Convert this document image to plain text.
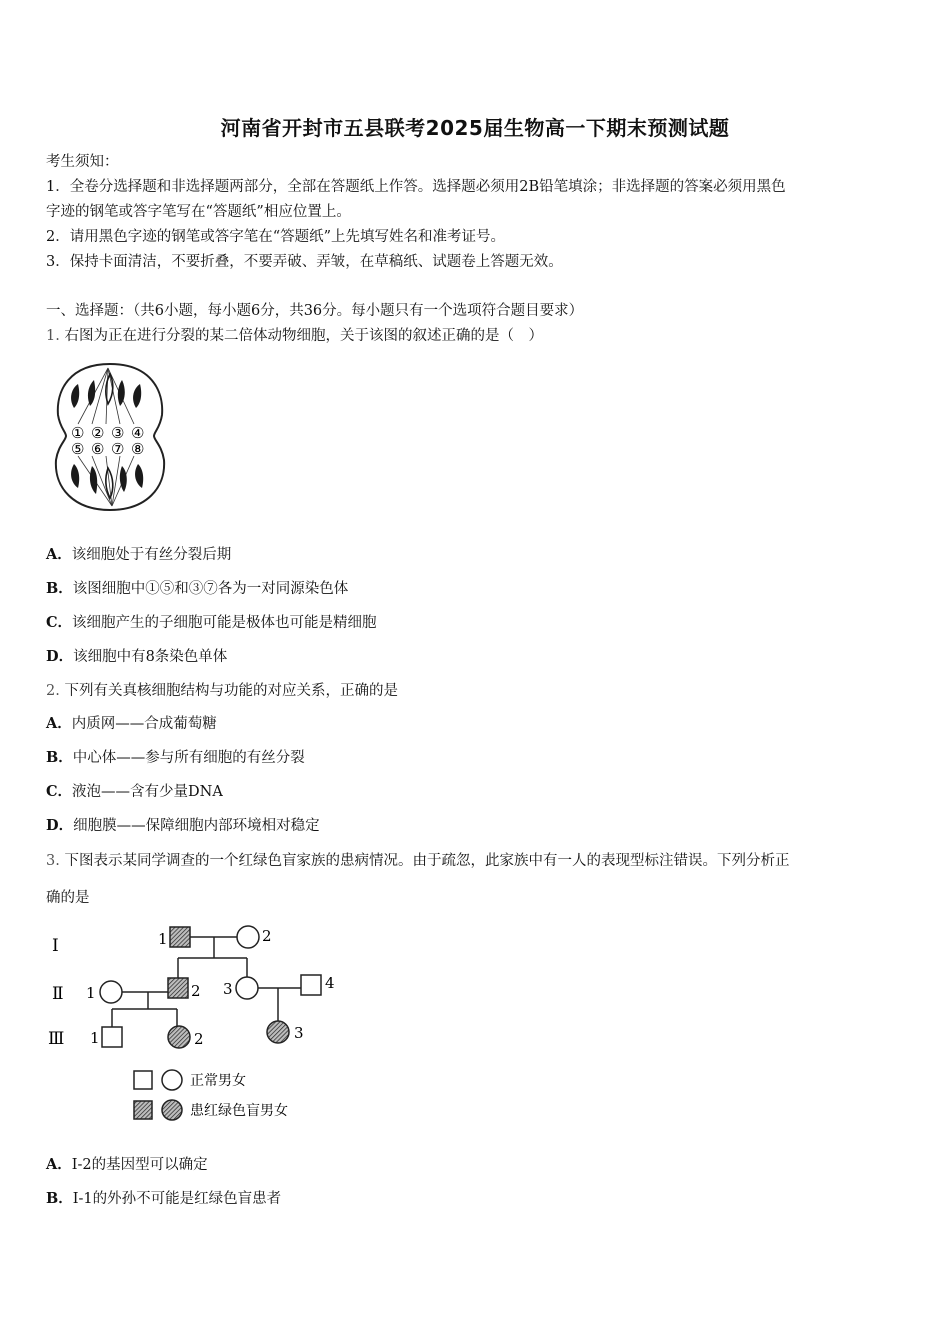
河南省开封市五县联考2025届生物高一下期末预测试题
考生须知：
1．全卷分选择题和非选择题两部分，全部在答题纸上作答。选择题必须用2B铅笔填涂；非选择题的答案必须用黑色
字迹的钢笔或答字笔写在“答题纸”相应位置上。
2．请用黑色字迹的钢笔或答字笔在“答题纸”上先填写姓名和准考证号。
3．保持卡面清洁，不要折叠，不要弄破、弄皱，在草稿纸、试题卷上答题无效。
一、选择题：（共6小题，每小题6分，共36分。每小题只有一个选项符合题目要求）
1. 右图为正在进行分裂的某二倍体动物细胞，关于该图的叙述正确的是（　）
① ② ③ ④
⑤ ⑥ ⑦ ⑧
A．该细胞处于有丝分裂后期
B．该图细胞中①⑤和③⑦各为一对同源染色体
C．该细胞产生的子细胞可能是极体也可能是精细胞
D．该细胞中有8条染色单体
2. 下列有关真核细胞结构与功能的对应关系，正确的是
A．内质网——合成葡萄糖
B．中心体——参与所有细胞的有丝分裂
C．液泡——含有少量DNA
D．细胞膜——保障细胞内部环境相对稳定
3. 下图表示某同学调查的一个红绿色盲家族的患病情况。由于疏忽，此家族中有一人的表现型标注错误。下列分析正
确的是
Ⅰ
Ⅱ
Ⅲ
1	2
1	2 3	4
1	2	3
正常男女
患红绿色盲男女
A．I-2的基因型可以确定
B．I-1的外孙不可能是红绿色盲患者
